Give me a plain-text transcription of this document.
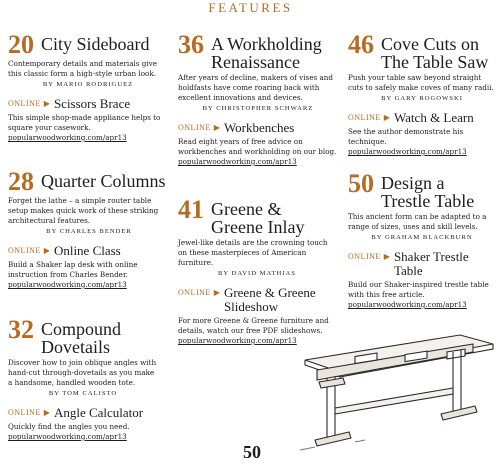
FEATURES
20 City Sideboard
Contemporary details and materials give this classic form a high-style urban look.
BY MARIO RODRIGUEZ
ONLINE ▶ Scissors Brace
This simple shop-made appliance helps to square your casework.
popularwoodworking.com/apr13
28 Quarter Columns
Forget the lathe – a simple router table setup makes quick work of these striking architectural features.
BY CHARLES BENDER
ONLINE ▶ Online Class
Build a Shaker lap desk with online instruction from Charles Bender.
popularwoodworking.com/apr13
32 Compound Dovetails
Discover how to join oblique angles with hand-cut through-dovetails as you make a handsome, handled wooden tote.
BY TOM CALISTO
ONLINE ▶ Angle Calculator
Quickly find the angles you need.
popularwoodworking.com/apr13
36 A Workholding Renaissance
After years of decline, makers of vises and holdfasts have come roaring back with excellent innovations and devices.
BY CHRISTOPHER SCHWARZ
ONLINE ▶ Workbenches
Read eight years of free advice on workbenches and workholding on our blog.
popularwoodworking.com/apr13
41 Greene & Greene Inlay
Jewel-like details are the crowning touch on these masterpieces of American furniture.
BY DAVID MATHIAS
ONLINE ▶ Greene & Greene Slideshow
For more Greene & Greene furniture and details, watch our free PDF slideshows.
popularwoodworking.com/apr13
46 Cove Cuts on The Table Saw
Push your table saw beyond straight cuts to safely make coves of many radii.
BY GARY ROGOWSKI
ONLINE ▶ Watch & Learn
See the author demonstrate his technique.
popularwoodworking.com/apr13
50 Design a Trestle Table
This ancient form can be adapted to a range of sizes, uses and skill levels.
BY GRAHAM BLACKBURN
ONLINE ▶ Shaker Trestle Table
Build our Shaker-inspired trestle table with this free article.
popularwoodworking.com/apr13
50
